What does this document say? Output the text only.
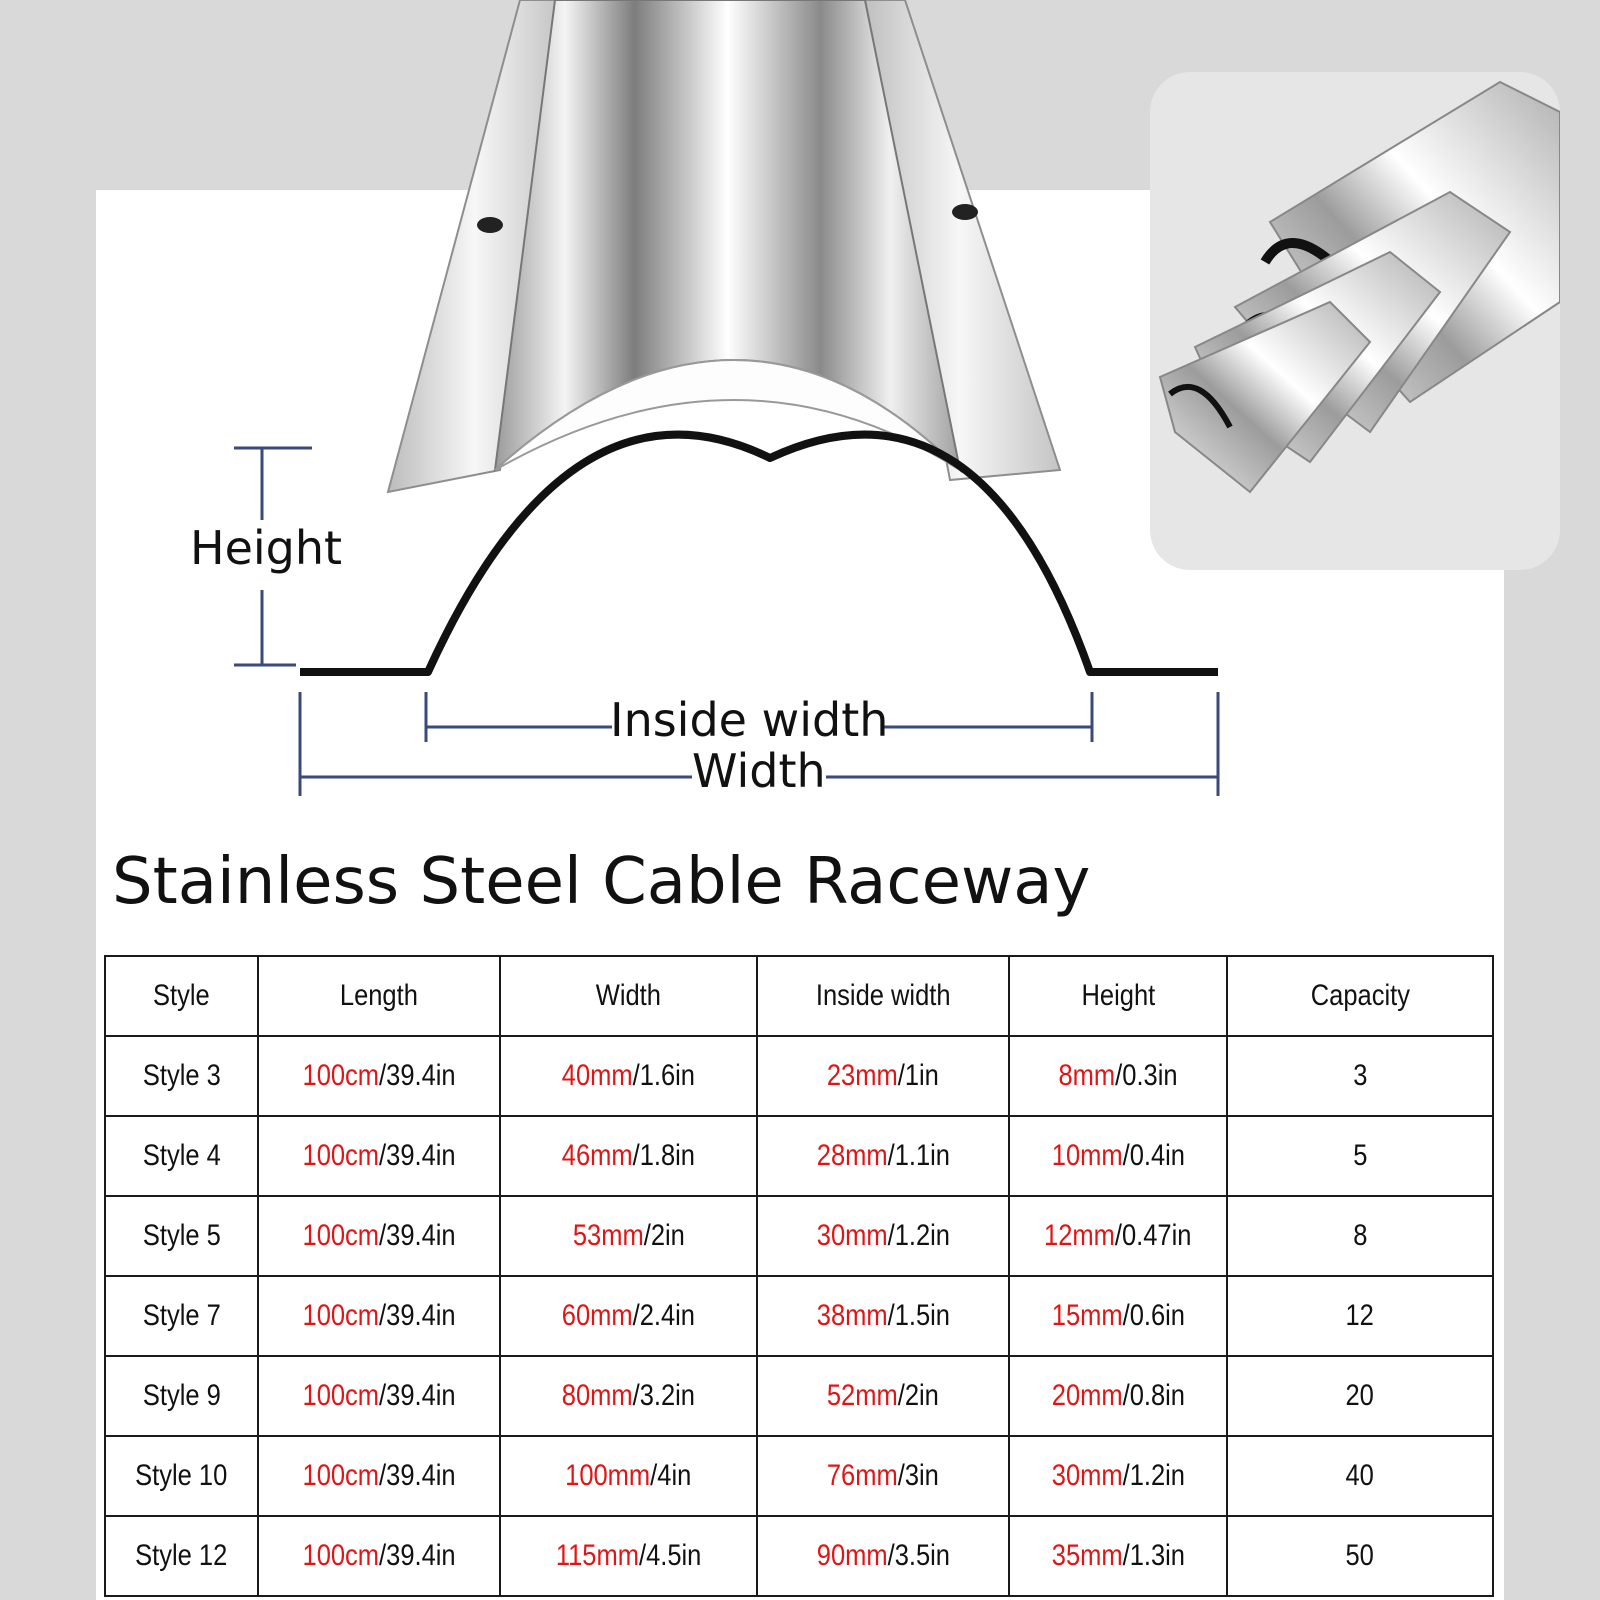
Height
Inside width
Width
Stainless Steel Cable Raceway
Style	Length	Width	Inside width	Height	Capacity
Style 3	100cm/39.4in	40mm/1.6in	23mm/1in	8mm/0.3in	3
Style 4	100cm/39.4in	46mm/1.8in	28mm/1.1in	10mm/0.4in	5
Style 5	100cm/39.4in	53mm/2in	30mm/1.2in	12mm/0.47in	8
Style 7	100cm/39.4in	60mm/2.4in	38mm/1.5in	15mm/0.6in	12
Style 9	100cm/39.4in	80mm/3.2in	52mm/2in	20mm/0.8in	20
Style 10	100cm/39.4in	100mm/4in	76mm/3in	30mm/1.2in	40
Style 12	100cm/39.4in	115mm/4.5in	90mm/3.5in	35mm/1.3in	50
